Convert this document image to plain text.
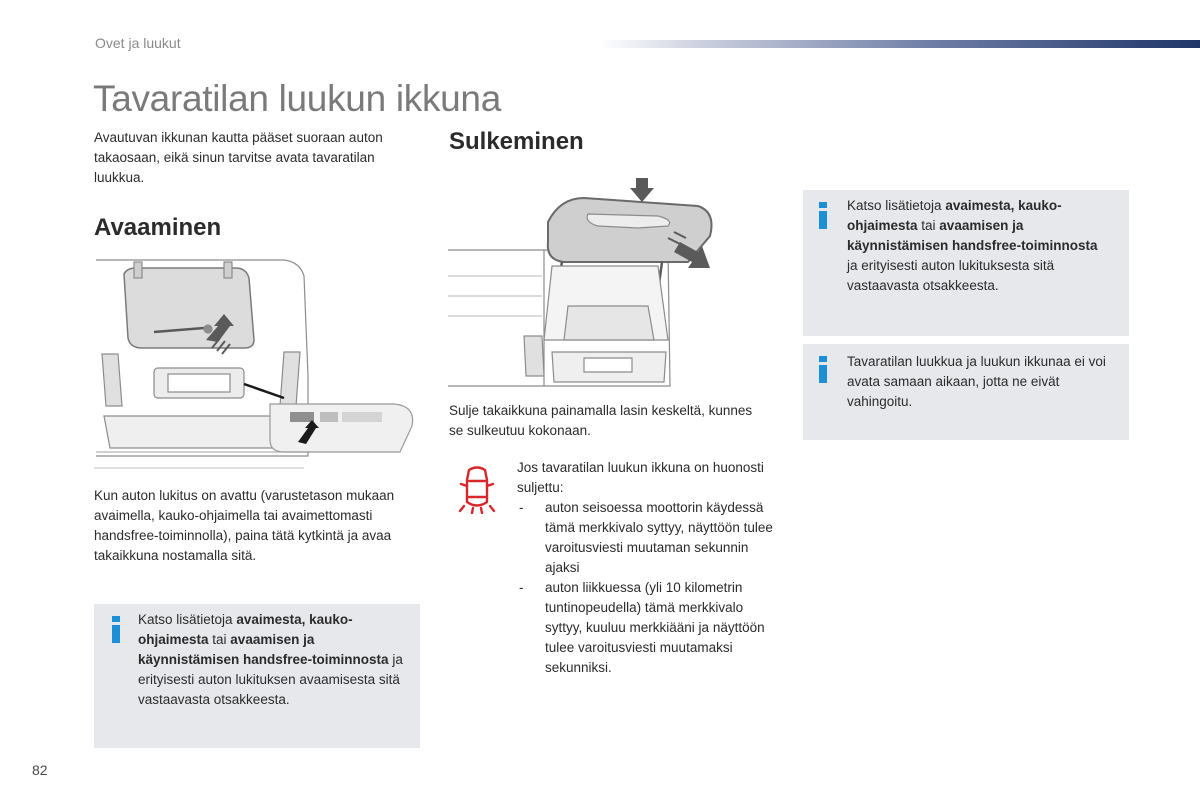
Ovet ja luukut
Tavaratilan luukun ikkuna
Avautuvan ikkunan kautta pääset suoraan auton takaosaan, eikä sinun tarvitse avata tavaratilan luukkua.
Avaaminen
Kun auton lukitus on avattu (varustetason mukaan avaimella, kauko-ohjaimella tai avaimettomasti handsfree-toiminnolla), paina tätä kytkintä ja avaa takaikkuna nostamalla sitä.
Katso lisätietoja avaimesta, kauko-ohjaimesta tai avaamisen ja käynnistämisen handsfree-toiminnosta ja erityisesti auton lukituksen avaamisesta sitä vastaavasta otsakkeesta.
Sulkeminen
Sulje takaikkuna painamalla lasin keskeltä, kunnes se sulkeutuu kokonaan.
Jos tavaratilan luukun ikkuna on huonosti suljettu:
- auton seisoessa moottorin käydessä tämä merkkivalo syttyy, näyttöön tulee varoitusviesti muutaman sekunnin ajaksi
- auton liikkuessa (yli 10 kilometrin tuntinopeudella) tämä merkkivalo syttyy, kuuluu merkkiääni ja näyttöön tulee varoitusviesti muutamaksi sekunniksi.
Katso lisätietoja avaimesta, kauko-ohjaimesta tai avaamisen ja käynnistämisen handsfree-toiminnosta ja erityisesti auton lukituksesta sitä vastaavasta otsakkeesta.
Tavaratilan luukkua ja luukun ikkunaa ei voi avata samaan aikaan, jotta ne eivät vahingoitu.
82
